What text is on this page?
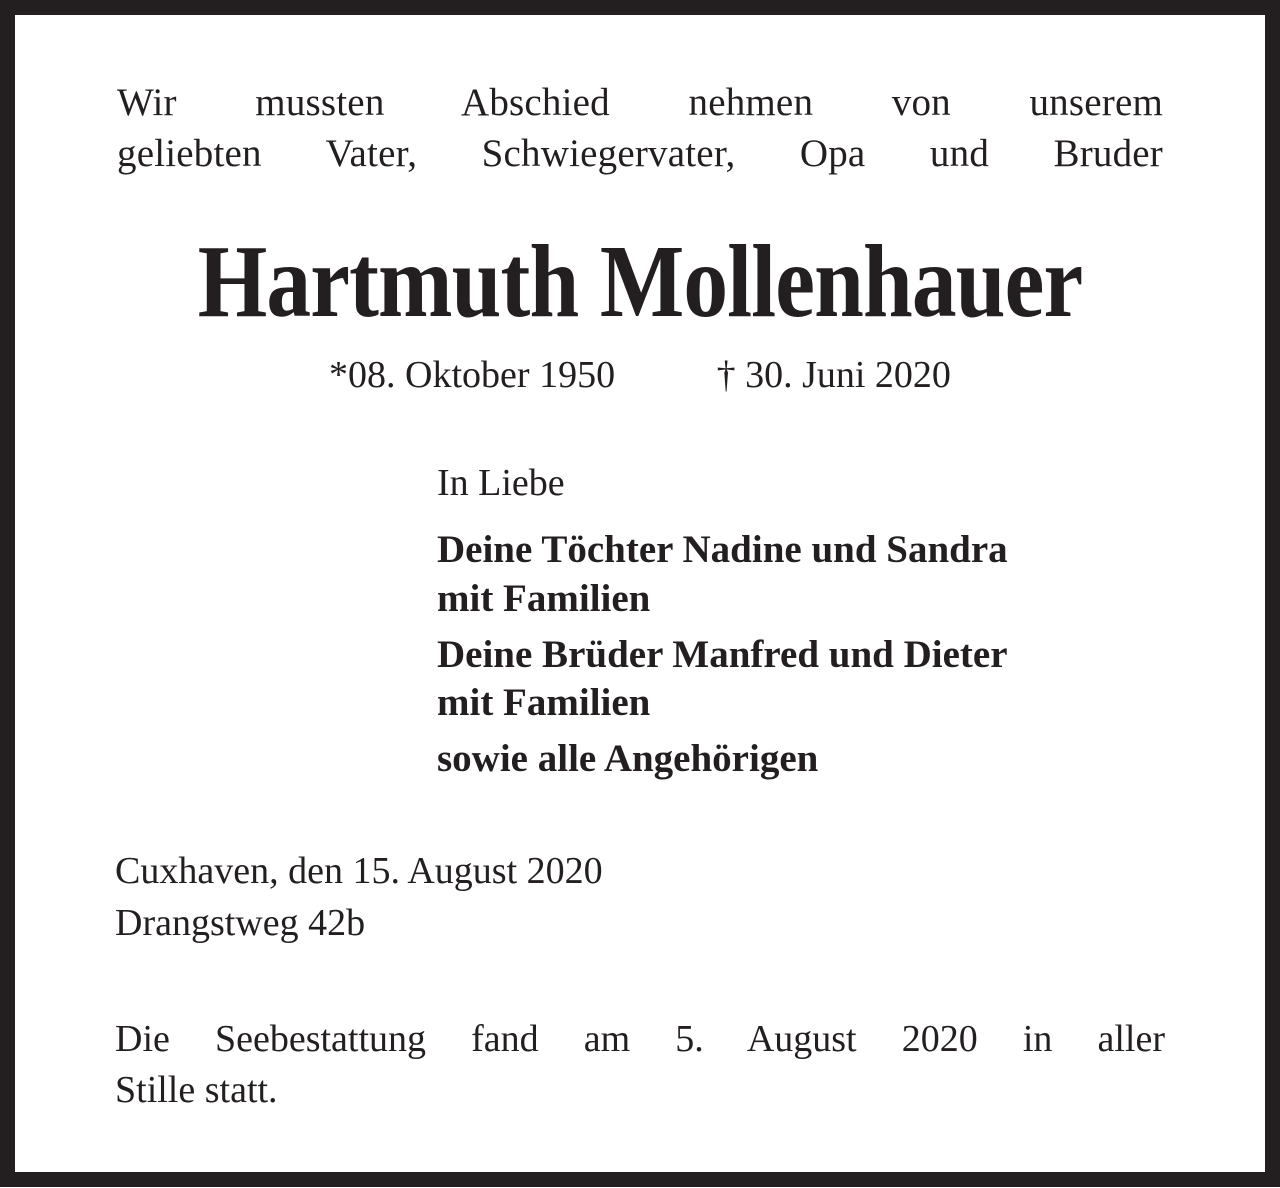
Wir mussten Abschied nehmen von unserem
geliebten Vater, Schwiegervater, Opa und Bruder
Hartmuth Mollenhauer
*08. Oktober 1950	† 30. Juni 2020

In Liebe

Deine Töchter Nadine und Sandra

mit Familien

Deine Brüder Manfred und Dieter

mit Familien

sowie alle Angehörigen

Cuxhaven, den 15. August 2020

Drangstweg 42b

Die Seebestattung fand am 5. August 2020 in aller
Stille statt.
